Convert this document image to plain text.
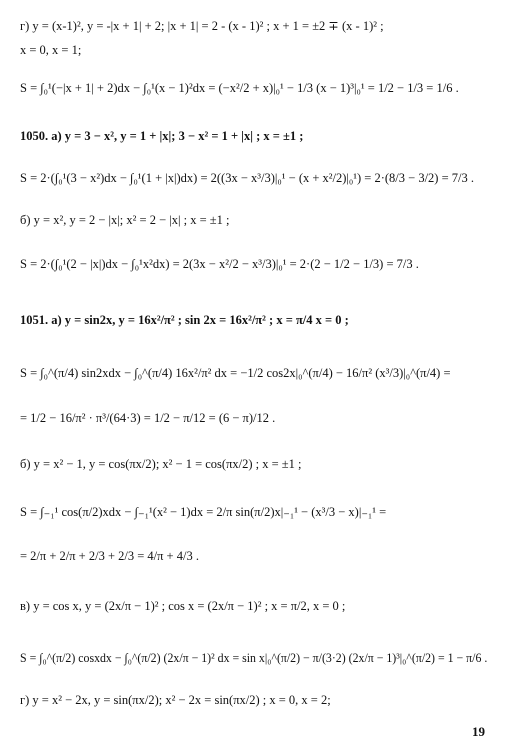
г) y = (x-1)², y = -|x + 1| + 2; |x + 1| = 2 - (x - 1)² ; x + 1 = ±2 ∓ (x - 1)² ;

x = 0, x = 1;

S = ∫₀¹(−|x + 1| + 2)dx − ∫₀¹(x − 1)²dx = (−x²/2 + x)|₀¹ − 1/3 (x − 1)³|₀¹ = 1/2 − 1/3 = 1/6 .

1050. а) y = 3 − x², y = 1 + |x|; 3 − x² = 1 + |x| ; x = ±1 ;

S = 2·(∫₀¹(3 − x²)dx − ∫₀¹(1 + |x|)dx) = 2((3x − x³/3)|₀¹ − (x + x²/2)|₀¹) = 2·(8/3 − 3/2) = 7/3 .

б) y = x², y = 2 − |x|; x² = 2 − |x| ; x = ±1 ;

S = 2·(∫₀¹(2 − |x|)dx − ∫₀¹x²dx) = 2(3x − x²/2 − x³/3)|₀¹ = 2·(2 − 1/2 − 1/3) = 7/3 .

1051. а) y = sin2x, y = 16x²/π² ; sin 2x = 16x²/π² ; x = π/4 x = 0 ;

S = ∫₀^(π/4) sin2xdx − ∫₀^(π/4) 16x²/π² dx = −1/2 cos2x|₀^(π/4) − 16/π² (x³/3)|₀^(π/4) =

= 1/2 − 16/π² · π³/(64·3) = 1/2 − π/12 = (6 − π)/12 .

б) y = x² − 1, y = cos(πx/2); x² − 1 = cos(πx/2) ; x = ±1 ;

S = ∫₋₁¹ cos(π/2)xdx − ∫₋₁¹(x² − 1)dx = 2/π sin(π/2)x|₋₁¹ − (x³/3 − x)|₋₁¹ =

= 2/π + 2/π + 2/3 + 2/3 = 4/π + 4/3 .

в) y = cos x, y = (2x/π − 1)² ; cos x = (2x/π − 1)² ; x = π/2, x = 0 ;

S = ∫₀^(π/2) cosxdx − ∫₀^(π/2) (2x/π − 1)² dx = sin x|₀^(π/2) − π/(3·2) (2x/π − 1)³|₀^(π/2) = 1 − π/6 .

г) y = x² − 2x, y = sin(πx/2); x² − 2x = sin(πx/2) ; x = 0, x = 2;

19
